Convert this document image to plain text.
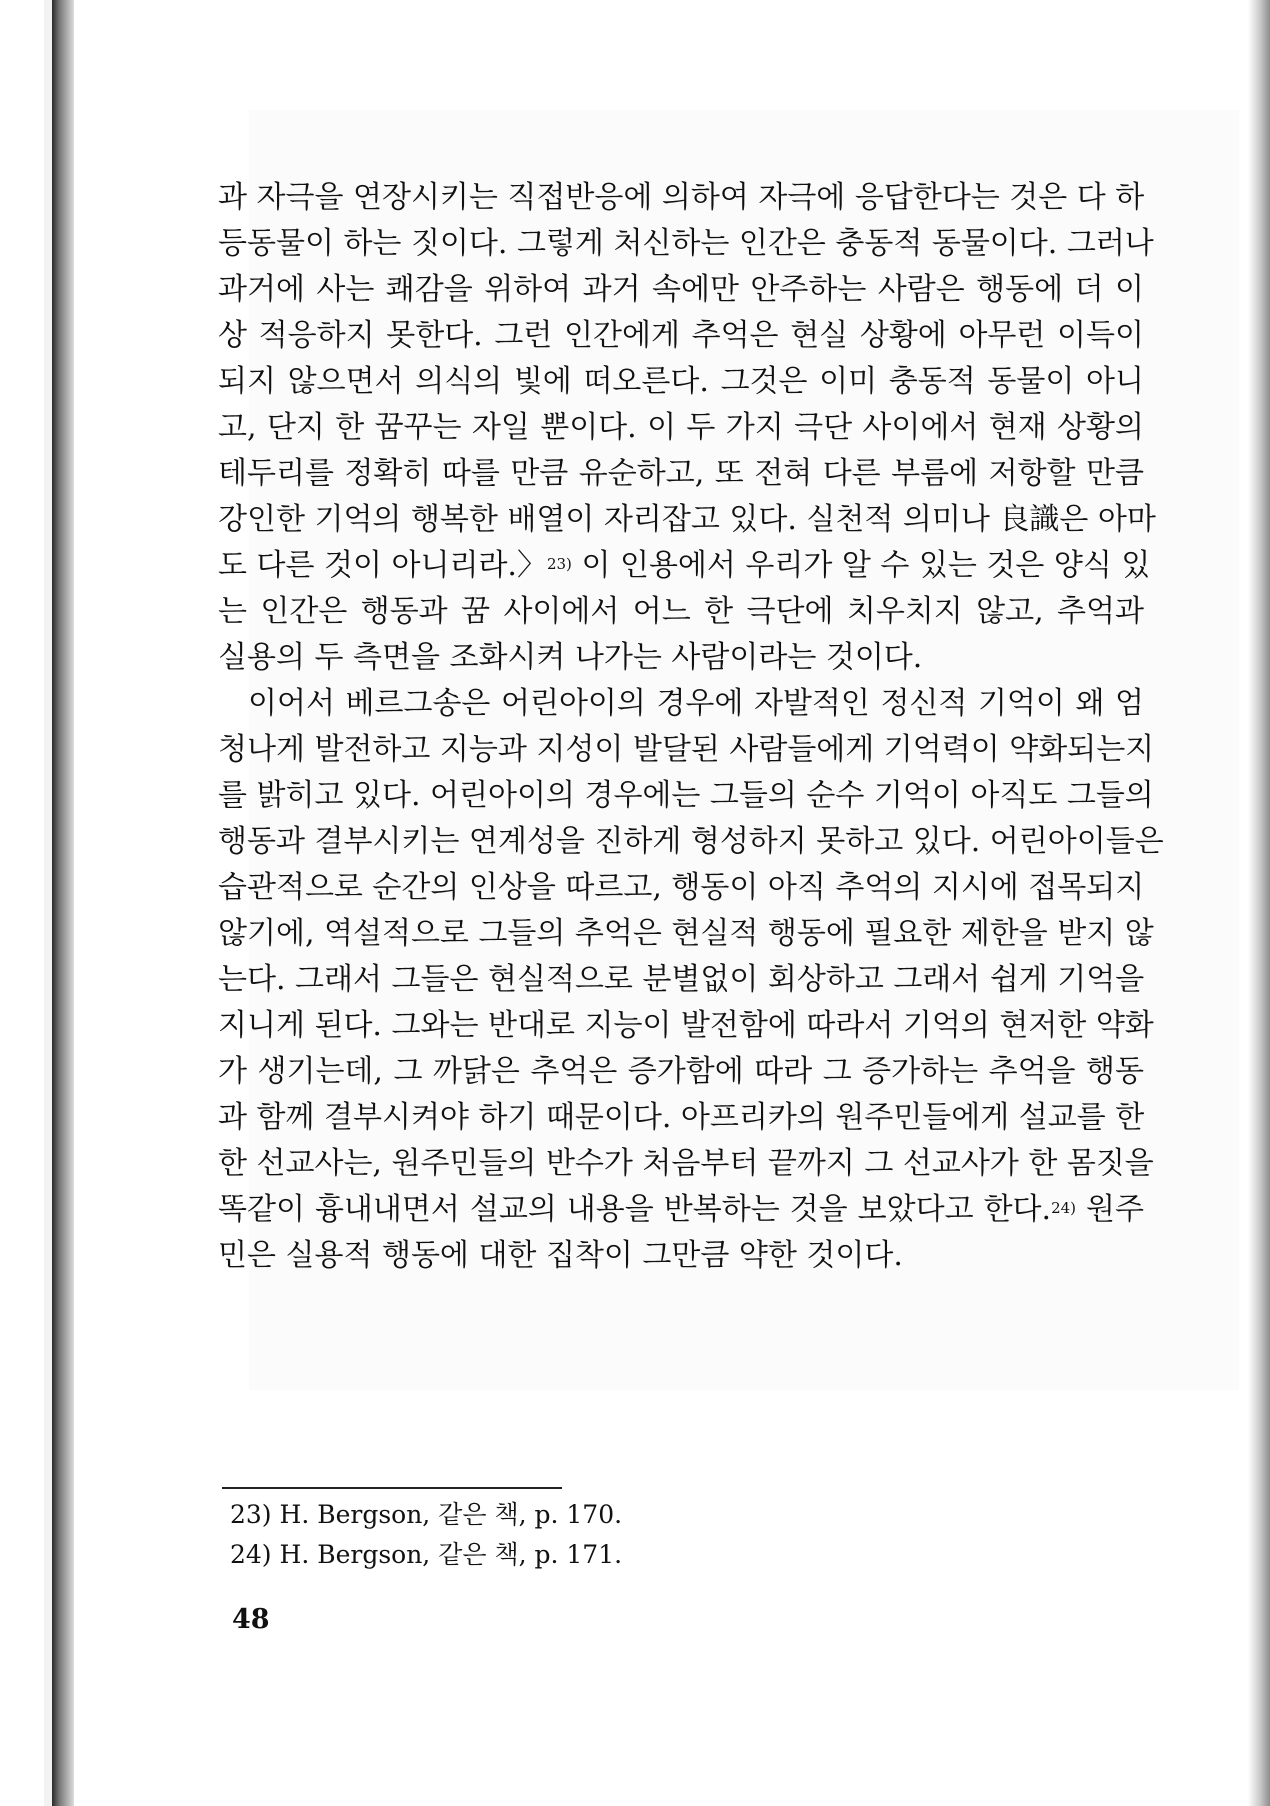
과 자극을 연장시키는 직접반응에 의하여 자극에 응답한다는 것은 다 하
등동물이 하는 짓이다. 그렇게 처신하는 인간은 충동적 동물이다. 그러나
과거에 사는 쾌감을 위하여 과거 속에만 안주하는 사람은 행동에 더 이
상 적응하지 못한다. 그런 인간에게 추억은 현실 상황에 아무런 이득이
되지 않으면서 의식의 빛에 떠오른다. 그것은 이미 충동적 동물이 아니
고, 단지 한 꿈꾸는 자일 뿐이다. 이 두 가지 극단 사이에서 현재 상황의
테두리를 정확히 따를 만큼 유순하고, 또 전혀 다른 부름에 저항할 만큼
강인한 기억의 행복한 배열이 자리잡고 있다. 실천적 의미나 良識은 아마
도 다른 것이 아니리라.〉$^{23)}$ 이 인용에서 우리가 알 수 있는 것은 양식 있
는 인간은 행동과 꿈 사이에서 어느 한 극단에 치우치지 않고, 추억과
실용의 두 측면을 조화시켜 나가는 사람이라는 것이다.
이어서 베르그송은 어린아이의 경우에 자발적인 정신적 기억이 왜 엄
청나게 발전하고 지능과 지성이 발달된 사람들에게 기억력이 약화되는지
를 밝히고 있다. 어린아이의 경우에는 그들의 순수 기억이 아직도 그들의
행동과 결부시키는 연계성을 진하게 형성하지 못하고 있다. 어린아이들은
습관적으로 순간의 인상을 따르고, 행동이 아직 추억의 지시에 접목되지
않기에, 역설적으로 그들의 추억은 현실적 행동에 필요한 제한을 받지 않
는다. 그래서 그들은 현실적으로 분별없이 회상하고 그래서 쉽게 기억을
지니게 된다. 그와는 반대로 지능이 발전함에 따라서 기억의 현저한 약화
가 생기는데, 그 까닭은 추억은 증가함에 따라 그 증가하는 추억을 행동
과 함께 결부시켜야 하기 때문이다. 아프리카의 원주민들에게 설교를 한
한 선교사는, 원주민들의 반수가 처음부터 끝까지 그 선교사가 한 몸짓을
똑같이 흉내내면서 설교의 내용을 반복하는 것을 보았다고 한다.$^{24)}$ 원주
민은 실용적 행동에 대한 집착이 그만큼 약한 것이다.
23) H. Bergson, 같은 책, p. 170.
24) H. Bergson, 같은 책, p. 171.
48
